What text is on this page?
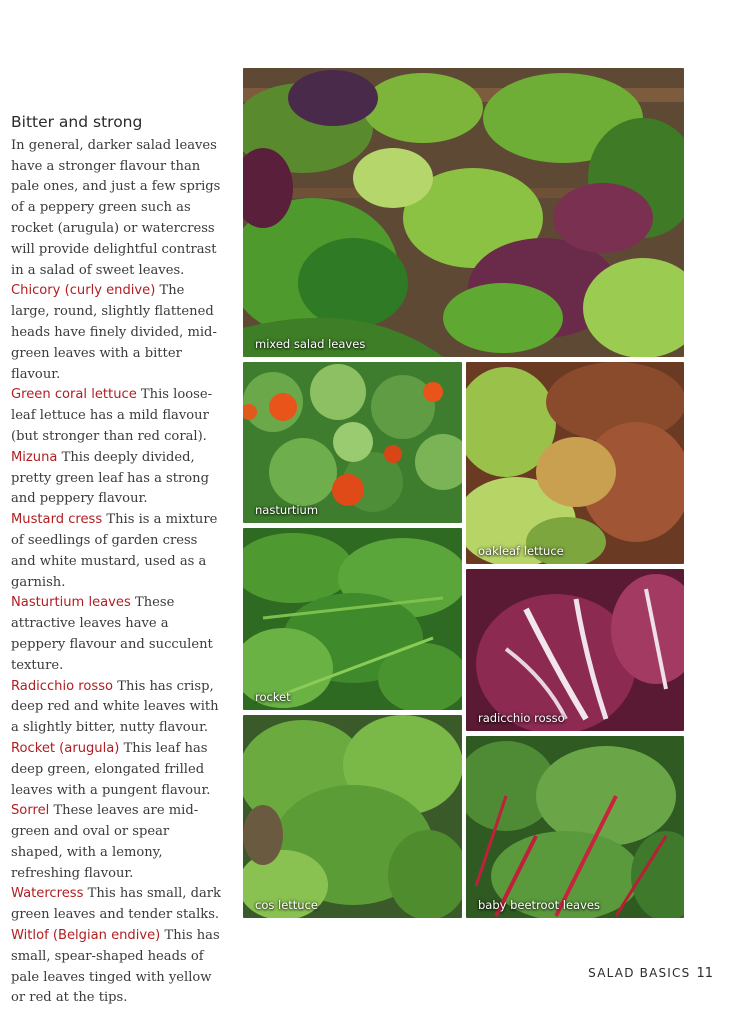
Bitter and strong

In general, darker salad leaves have a stronger flavour than pale ones, and just a few sprigs of a peppery green such as rocket (arugula) or watercress will provide delightful contrast in a salad of sweet leaves.

Chicory (curly endive) The large, round, slightly flattened heads have finely divided, mid-green leaves with a bitter flavour.

Green coral lettuce This loose-leaf lettuce has a mild flavour (but stronger than red coral).

Mizuna This deeply divided, pretty green leaf has a strong and peppery flavour.

Mustard cress This is a mixture of seedlings of garden cress and white mustard, used as a garnish.

Nasturtium leaves These attractive leaves have a peppery flavour and succulent texture.

Radicchio rosso This has crisp, deep red and white leaves with a slightly bitter, nutty flavour.

Rocket (arugula) This leaf has deep green, elongated frilled leaves with a pungent flavour.

Sorrel These leaves are mid-green and oval or spear shaped, with a lemony, refreshing flavour.

Watercress This has small, dark green leaves and tender stalks.

Witlof (Belgian endive) This has small, spear-shaped heads of pale leaves tinged with yellow or red at the tips.

mixed salad leaves
nasturtium
oakleaf lettuce
rocket
radicchio rosso
cos lettuce	baby beetroot leaves
SALAD BASICS 11
